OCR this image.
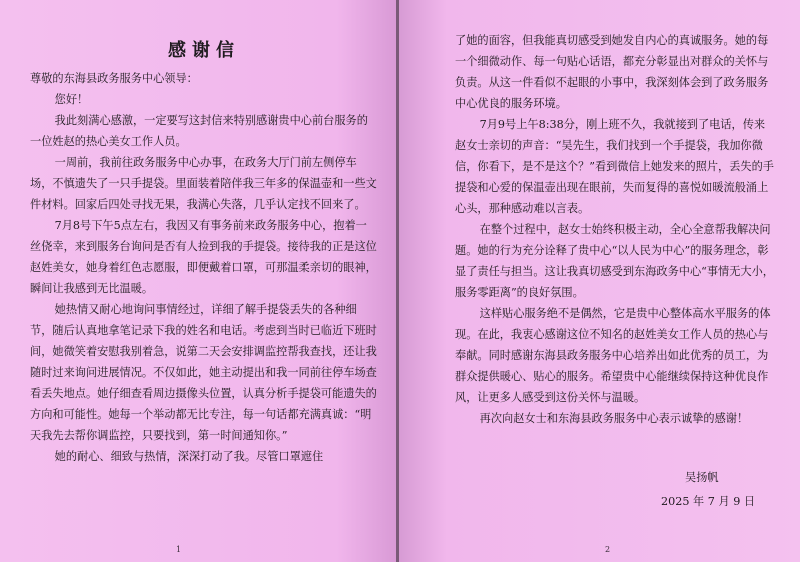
感谢信

尊敬的东海县政务服务中心领导：

您好！

我此刻满心感激，一定要写这封信来特别感谢贵中心前台服务的一位姓赵的热心美女工作人员。

一周前，我前往政务服务中心办事，在政务大厅门前左侧停车场，不慎遗失了一只手提袋。里面装着陪伴我三年多的保温壶和一些文件材料。回家后四处寻找无果，我满心失落，几乎认定找不回来了。

7月8号下午5点左右，我因又有事务前来政务服务中心，抱着一丝侥幸，来到服务台询问是否有人捡到我的手提袋。接待我的正是这位赵姓美女，她身着红色志愿服，即便戴着口罩，可那温柔亲切的眼神，瞬间让我感到无比温暖。

她热情又耐心地询问事情经过，详细了解手提袋丢失的各种细节，随后认真地拿笔记录下我的姓名和电话。考虑到当时已临近下班时间，她微笑着安慰我别着急，说第二天会安排调监控帮我查找，还让我随时过来询问进展情况。不仅如此，她主动提出和我一同前往停车场查看丢失地点。她仔细查看周边摄像头位置，认真分析手提袋可能遗失的方向和可能性。她每一个举动都无比专注，每一句话都充满真诚：“明天我先去帮你调监控，只要找到，第一时间通知你。”

她的耐心、细致与热情，深深打动了我。尽管口罩遮住

1

了她的面容，但我能真切感受到她发自内心的真诚服务。她的每一个细微动作、每一句贴心话语，都充分彰显出对群众的关怀与负责。从这一件看似不起眼的小事中，我深刻体会到了政务服务中心优良的服务环境。

7月9号上午8:38分，刚上班不久，我就接到了电话，传来赵女士亲切的声音：“吴先生，我们找到一个手提袋，我加你微信，你看下，是不是这个？”看到微信上她发来的照片，丢失的手提袋和心爱的保温壶出现在眼前，失而复得的喜悦如暖流般涌上心头，那种感动难以言表。

在整个过程中，赵女士始终积极主动，全心全意帮我解决问题。她的行为充分诠释了贵中心“以人民为中心”的服务理念，彰显了责任与担当。这让我真切感受到东海政务中心“事情无大小，服务零距离”的良好氛围。

这样贴心服务绝不是偶然，它是贵中心整体高水平服务的体现。在此，我衷心感谢这位不知名的赵姓美女工作人员的热心与奉献。同时感谢东海县政务服务中心培养出如此优秀的员工，为群众提供暖心、贴心的服务。希望贵中心能继续保持这种优良作风，让更多人感受到这份关怀与温暖。

再次向赵女士和东海县政务服务中心表示诚挚的感谢！

吴扬帆
2025 年 7 月 9 日
2
